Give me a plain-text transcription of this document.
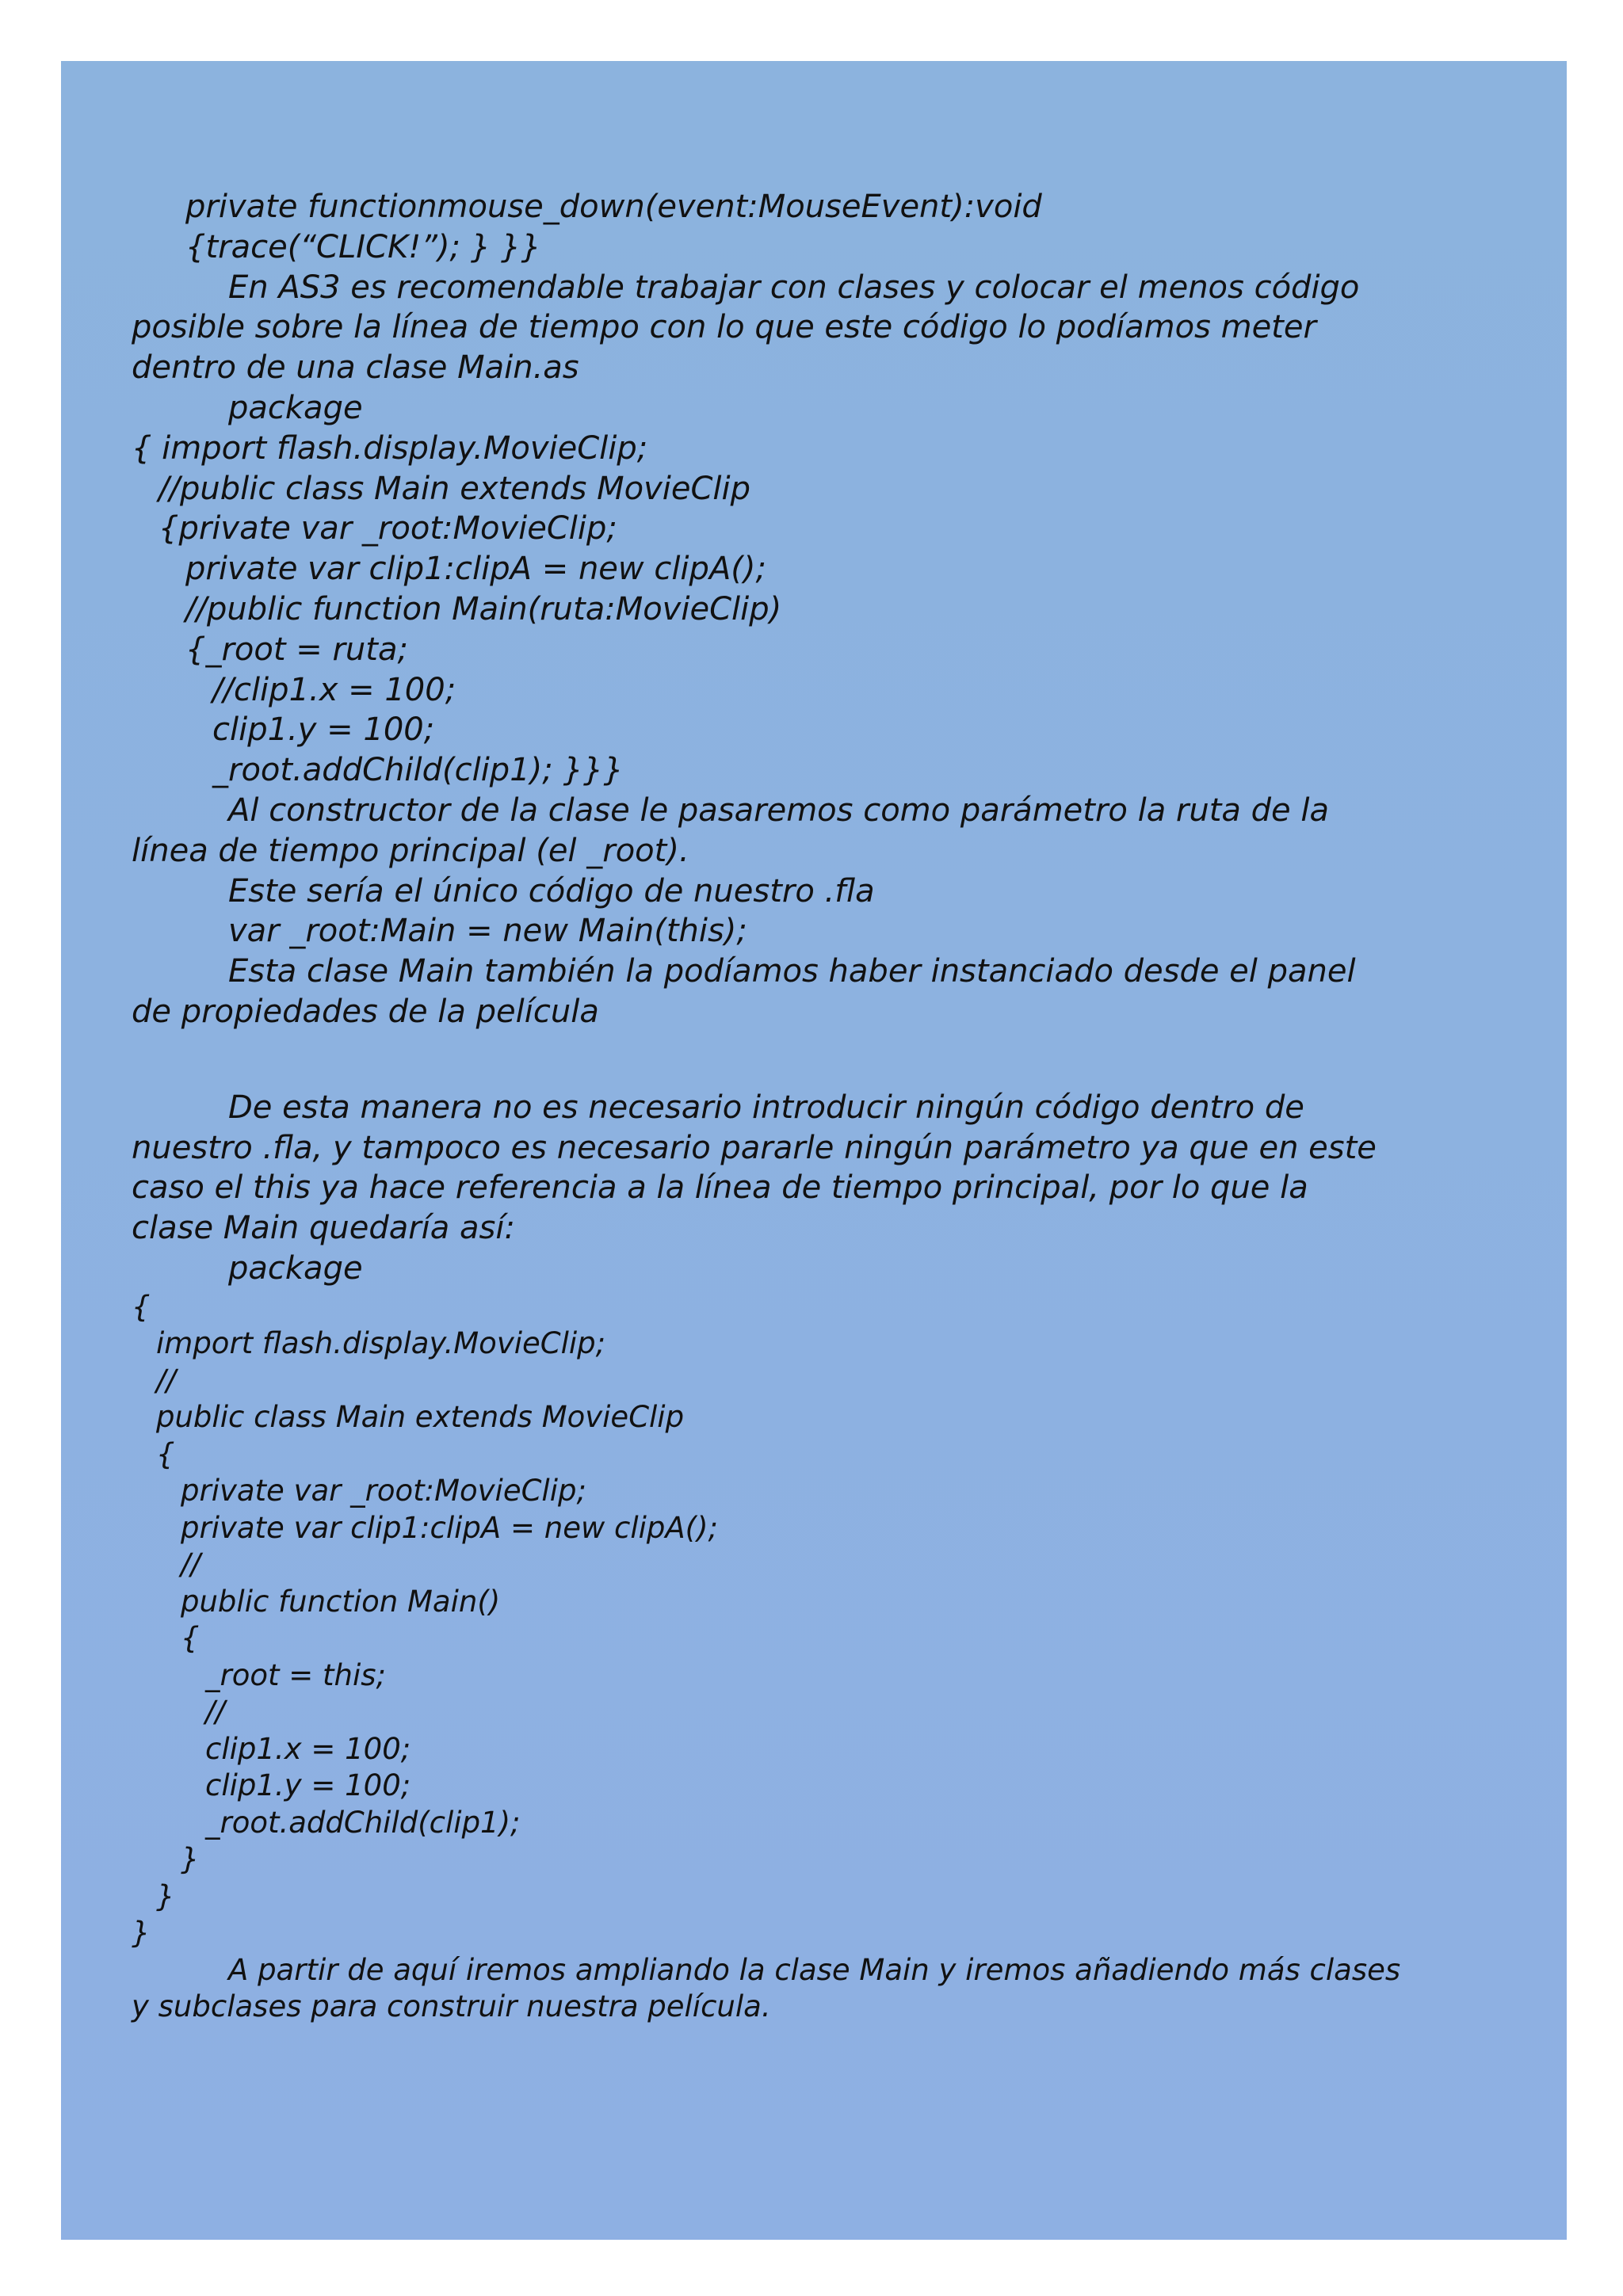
private functionmouse_down(event:MouseEvent):void
{trace(“CLICK!”); } }}
En AS3 es recomendable trabajar con clases y colocar el menos código
posible sobre la línea de tiempo con lo que este código lo podíamos meter
dentro de una clase Main.as
package
{ import flash.display.MovieClip;
//public class Main extends MovieClip
{private var _root:MovieClip;
private var clip1:clipA = new clipA();
//public function Main(ruta:MovieClip)
{_root = ruta;
//clip1.x = 100;
clip1.y = 100;
_root.addChild(clip1); }}}
Al constructor de la clase le pasaremos como parámetro la ruta de la
línea de tiempo principal (el _root).
Este sería el único código de nuestro .fla
var _root:Main = new Main(this);
Esta clase Main también la podíamos haber instanciado desde el panel
de propiedades de la película
De esta manera no es necesario introducir ningún código dentro de
nuestro .fla, y tampoco es necesario pararle ningún parámetro ya que en este
caso el this ya hace referencia a la línea de tiempo principal, por lo que la
clase Main quedaría así:
package
{
import flash.display.MovieClip;
//
public class Main extends MovieClip
{
private var _root:MovieClip;
private var clip1:clipA = new clipA();
//
public function Main()
{
_root = this;
//
clip1.x = 100;
clip1.y = 100;
_root.addChild(clip1);
}
}
}
A partir de aquí iremos ampliando la clase Main y iremos añadiendo más clases
y subclases para construir nuestra película.
